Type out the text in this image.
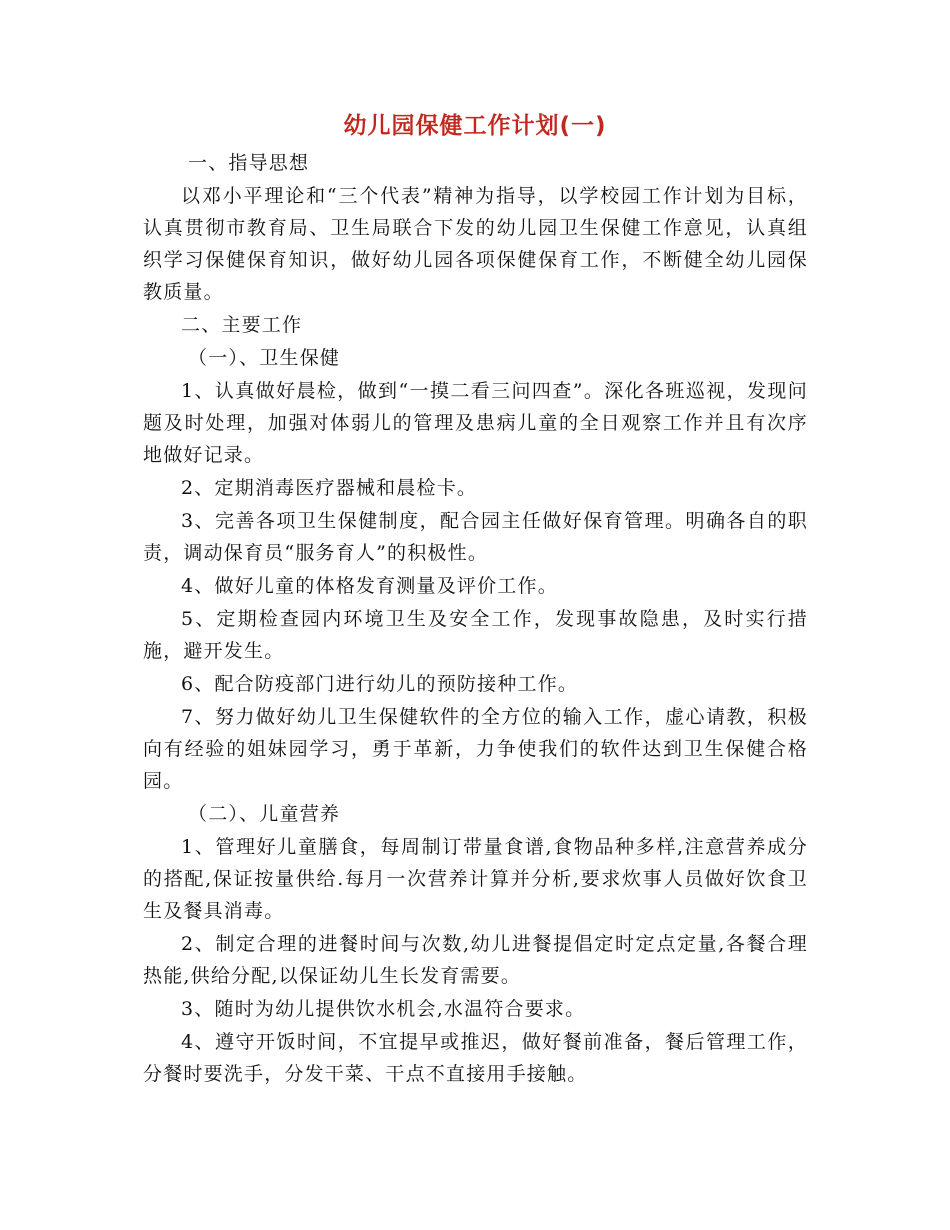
幼儿园保健工作计划(一)

一、指导思想

以邓小平理论和“三个代表”精神为指导，以学校园工作计划为目标，认真贯彻市教育局、卫生局联合下发的幼儿园卫生保健工作意见，认真组织学习保健保育知识，做好幼儿园各项保健保育工作，不断健全幼儿园保教质量。

二、主要工作

（一）、卫生保健

1、认真做好晨检，做到“一摸二看三问四查”。深化各班巡视，发现问题及时处理，加强对体弱儿的管理及患病儿童的全日观察工作并且有次序地做好记录。

2、定期消毒医疗器械和晨检卡。

3、完善各项卫生保健制度，配合园主任做好保育管理。明确各自的职责，调动保育员“服务育人”的积极性。

4、做好儿童的体格发育测量及评价工作。

5、定期检查园内环境卫生及安全工作，发现事故隐患，及时实行措施，避开发生。

6、配合防疫部门进行幼儿的预防接种工作。

7、努力做好幼儿卫生保健软件的全方位的输入工作，虚心请教，积极向有经验的姐妹园学习，勇于革新，力争使我们的软件达到卫生保健合格园。

（二）、儿童营养

1、管理好儿童膳食，每周制订带量食谱,食物品种多样,注意营养成分的搭配,保证按量供给.每月一次营养计算并分析,要求炊事人员做好饮食卫生及餐具消毒。

2、制定合理的进餐时间与次数,幼儿进餐提倡定时定点定量,各餐合理热能,供给分配,以保证幼儿生长发育需要。

3、随时为幼儿提供饮水机会,水温符合要求。

4、遵守开饭时间，不宜提早或推迟，做好餐前准备，餐后管理工作，分餐时要洗手，分发干菜、干点不直接用手接触。
